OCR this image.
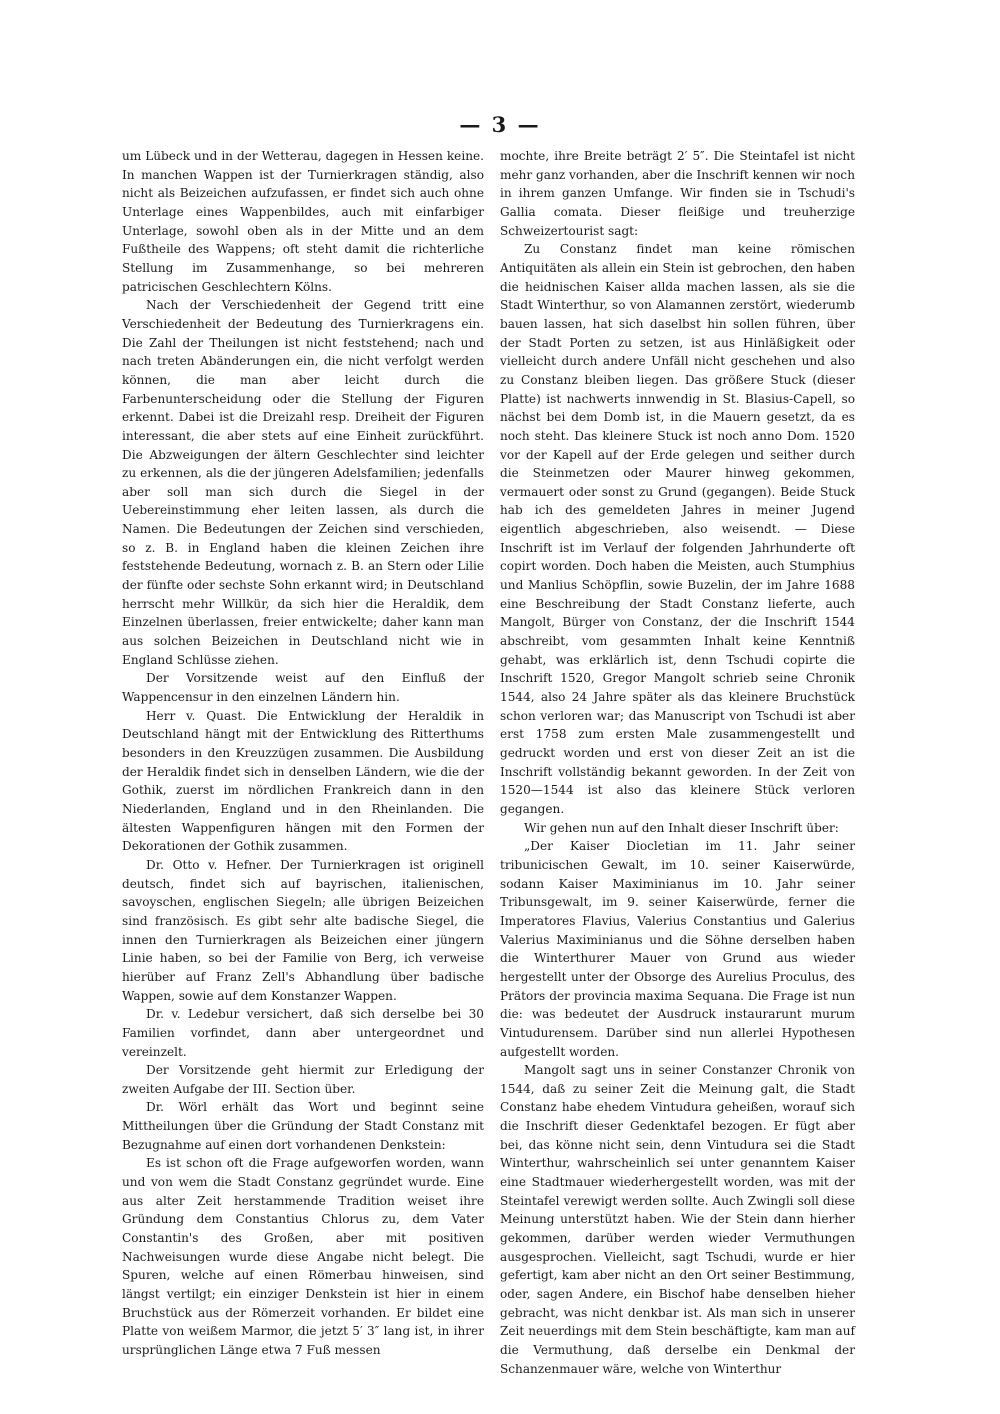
— 3 —

um Lübeck und in der Wetterau, dagegen in Hessen keine. In manchen Wappen ist der Turnierkragen ständig, also nicht als Beizeichen aufzufassen, er findet sich auch ohne Unterlage eines Wappenbildes, auch mit einfarbiger Unterlage, sowohl oben als in der Mitte und an dem Fußtheile des Wappens; oft steht damit die richterliche Stellung im Zusammenhange, so bei mehreren patricischen Geschlechtern Kölns.

Nach der Verschiedenheit der Gegend tritt eine Verschiedenheit der Bedeutung des Turnierkragens ein. Die Zahl der Theilungen ist nicht feststehend; nach und nach treten Abänderungen ein, die nicht verfolgt werden können, die man aber leicht durch die Farbenunterscheidung oder die Stellung der Figuren erkennt. Dabei ist die Dreizahl resp. Dreiheit der Figuren interessant, die aber stets auf eine Einheit zurückführt. Die Abzweigungen der ältern Geschlechter sind leichter zu erkennen, als die der jüngeren Adelsfamilien; jedenfalls aber soll man sich durch die Siegel in der Uebereinstimmung eher leiten lassen, als durch die Namen. Die Bedeutungen der Zeichen sind verschieden, so z. B. in England haben die kleinen Zeichen ihre feststehende Bedeutung, wornach z. B. an Stern oder Lilie der fünfte oder sechste Sohn erkannt wird; in Deutschland herrscht mehr Willkür, da sich hier die Heraldik, dem Einzelnen überlassen, freier entwickelte; daher kann man aus solchen Beizeichen in Deutschland nicht wie in England Schlüsse ziehen.

Der Vorsitzende weist auf den Einfluß der Wappencensur in den einzelnen Ländern hin.

Herr v. Quast. Die Entwicklung der Heraldik in Deutschland hängt mit der Entwicklung des Ritterthums besonders in den Kreuzzügen zusammen. Die Ausbildung der Heraldik findet sich in denselben Ländern, wie die der Gothik, zuerst im nördlichen Frankreich dann in den Niederlanden, England und in den Rheinlanden. Die ältesten Wappenfiguren hängen mit den Formen der Dekorationen der Gothik zusammen.

Dr. Otto v. Hefner. Der Turnierkragen ist originell deutsch, findet sich auf bayrischen, italienischen, savoyschen, englischen Siegeln; alle übrigen Beizeichen sind französisch. Es gibt sehr alte badische Siegel, die innen den Turnierkragen als Beizeichen einer jüngern Linie haben, so bei der Familie von Berg, ich verweise hierüber auf Franz Zell's Abhandlung über badische Wappen, sowie auf dem Konstanzer Wappen.

Dr. v. Ledebur versichert, daß sich derselbe bei 30 Familien vorfindet, dann aber untergeordnet und vereinzelt.

Der Vorsitzende geht hiermit zur Erledigung der zweiten Aufgabe der III. Section über.

Dr. Wörl erhält das Wort und beginnt seine Mittheilungen über die Gründung der Stadt Constanz mit Bezugnahme auf einen dort vorhandenen Denkstein:

Es ist schon oft die Frage aufgeworfen worden, wann und von wem die Stadt Constanz gegründet wurde. Eine aus alter Zeit herstammende Tradition weiset ihre Gründung dem Constantius Chlorus zu, dem Vater Constantin's des Großen, aber mit positiven Nachweisungen wurde diese Angabe nicht belegt. Die Spuren, welche auf einen Römerbau hinweisen, sind längst vertilgt; ein einziger Denkstein ist hier in einem Bruchstück aus der Römerzeit vorhanden. Er bildet eine Platte von weißem Marmor, die jetzt 5′ 3″ lang ist, in ihrer ursprünglichen Länge etwa 7 Fuß messen

mochte, ihre Breite beträgt 2′ 5″. Die Steintafel ist nicht mehr ganz vorhanden, aber die Inschrift kennen wir noch in ihrem ganzen Umfange. Wir finden sie in Tschudi's Gallia comata. Dieser fleißige und treuherzige Schweizertourist sagt:

Zu Constanz findet man keine römischen Antiquitäten als allein ein Stein ist gebrochen, den haben die heidnischen Kaiser allda machen lassen, als sie die Stadt Winterthur, so von Alamannen zerstört, wiederumb bauen lassen, hat sich daselbst hin sollen führen, über der Stadt Porten zu setzen, ist aus Hinläßigkeit oder vielleicht durch andere Unfäll nicht geschehen und also zu Constanz bleiben liegen. Das größere Stuck (dieser Platte) ist nachwerts innwendig in St. Blasius-Capell, so nächst bei dem Domb ist, in die Mauern gesetzt, da es noch steht. Das kleinere Stuck ist noch anno Dom. 1520 vor der Kapell auf der Erde gelegen und seither durch die Steinmetzen oder Maurer hinweg gekommen, vermauert oder sonst zu Grund (gegangen). Beide Stuck hab ich des gemeldeten Jahres in meiner Jugend eigentlich abgeschrieben, also weisendt. — Diese Inschrift ist im Verlauf der folgenden Jahrhunderte oft copirt worden. Doch haben die Meisten, auch Stumphius und Manlius Schöpflin, sowie Buzelin, der im Jahre 1688 eine Beschreibung der Stadt Constanz lieferte, auch Mangolt, Bürger von Constanz, der die Inschrift 1544 abschreibt, vom gesammten Inhalt keine Kenntniß gehabt, was erklärlich ist, denn Tschudi copirte die Inschrift 1520, Gregor Mangolt schrieb seine Chronik 1544, also 24 Jahre später als das kleinere Bruchstück schon verloren war; das Manuscript von Tschudi ist aber erst 1758 zum ersten Male zusammengestellt und gedruckt worden und erst von dieser Zeit an ist die Inschrift vollständig bekannt geworden. In der Zeit von 1520—1544 ist also das kleinere Stück verloren gegangen.

Wir gehen nun auf den Inhalt dieser Inschrift über:

„Der Kaiser Diocletian im 11. Jahr seiner tribunicischen Gewalt, im 10. seiner Kaiserwürde, sodann Kaiser Maximinianus im 10. Jahr seiner Tribunsgewalt, im 9. seiner Kaiserwürde, ferner die Imperatores Flavius, Valerius Constantius und Galerius Valerius Maximinianus und die Söhne derselben haben die Winterthurer Mauer von Grund aus wieder hergestellt unter der Obsorge des Aurelius Proculus, des Prätors der provincia maxima Sequana. Die Frage ist nun die: was bedeutet der Ausdruck instaurarunt murum Vintudurensem. Darüber sind nun allerlei Hypothesen aufgestellt worden.

Mangolt sagt uns in seiner Constanzer Chronik von 1544, daß zu seiner Zeit die Meinung galt, die Stadt Constanz habe ehedem Vintudura geheißen, worauf sich die Inschrift dieser Gedenktafel bezogen. Er fügt aber bei, das könne nicht sein, denn Vintudura sei die Stadt Winterthur, wahrscheinlich sei unter genanntem Kaiser eine Stadtmauer wiederhergestellt worden, was mit der Steintafel verewigt werden sollte. Auch Zwingli soll diese Meinung unterstützt haben. Wie der Stein dann hierher gekommen, darüber werden wieder Vermuthungen ausgesprochen. Vielleicht, sagt Tschudi, wurde er hier gefertigt, kam aber nicht an den Ort seiner Bestimmung, oder, sagen Andere, ein Bischof habe denselben hieher gebracht, was nicht denkbar ist. Als man sich in unserer Zeit neuerdings mit dem Stein beschäftigte, kam man auf die Vermuthung, daß derselbe ein Denkmal der Schanzenmauer wäre, welche von Winterthur
